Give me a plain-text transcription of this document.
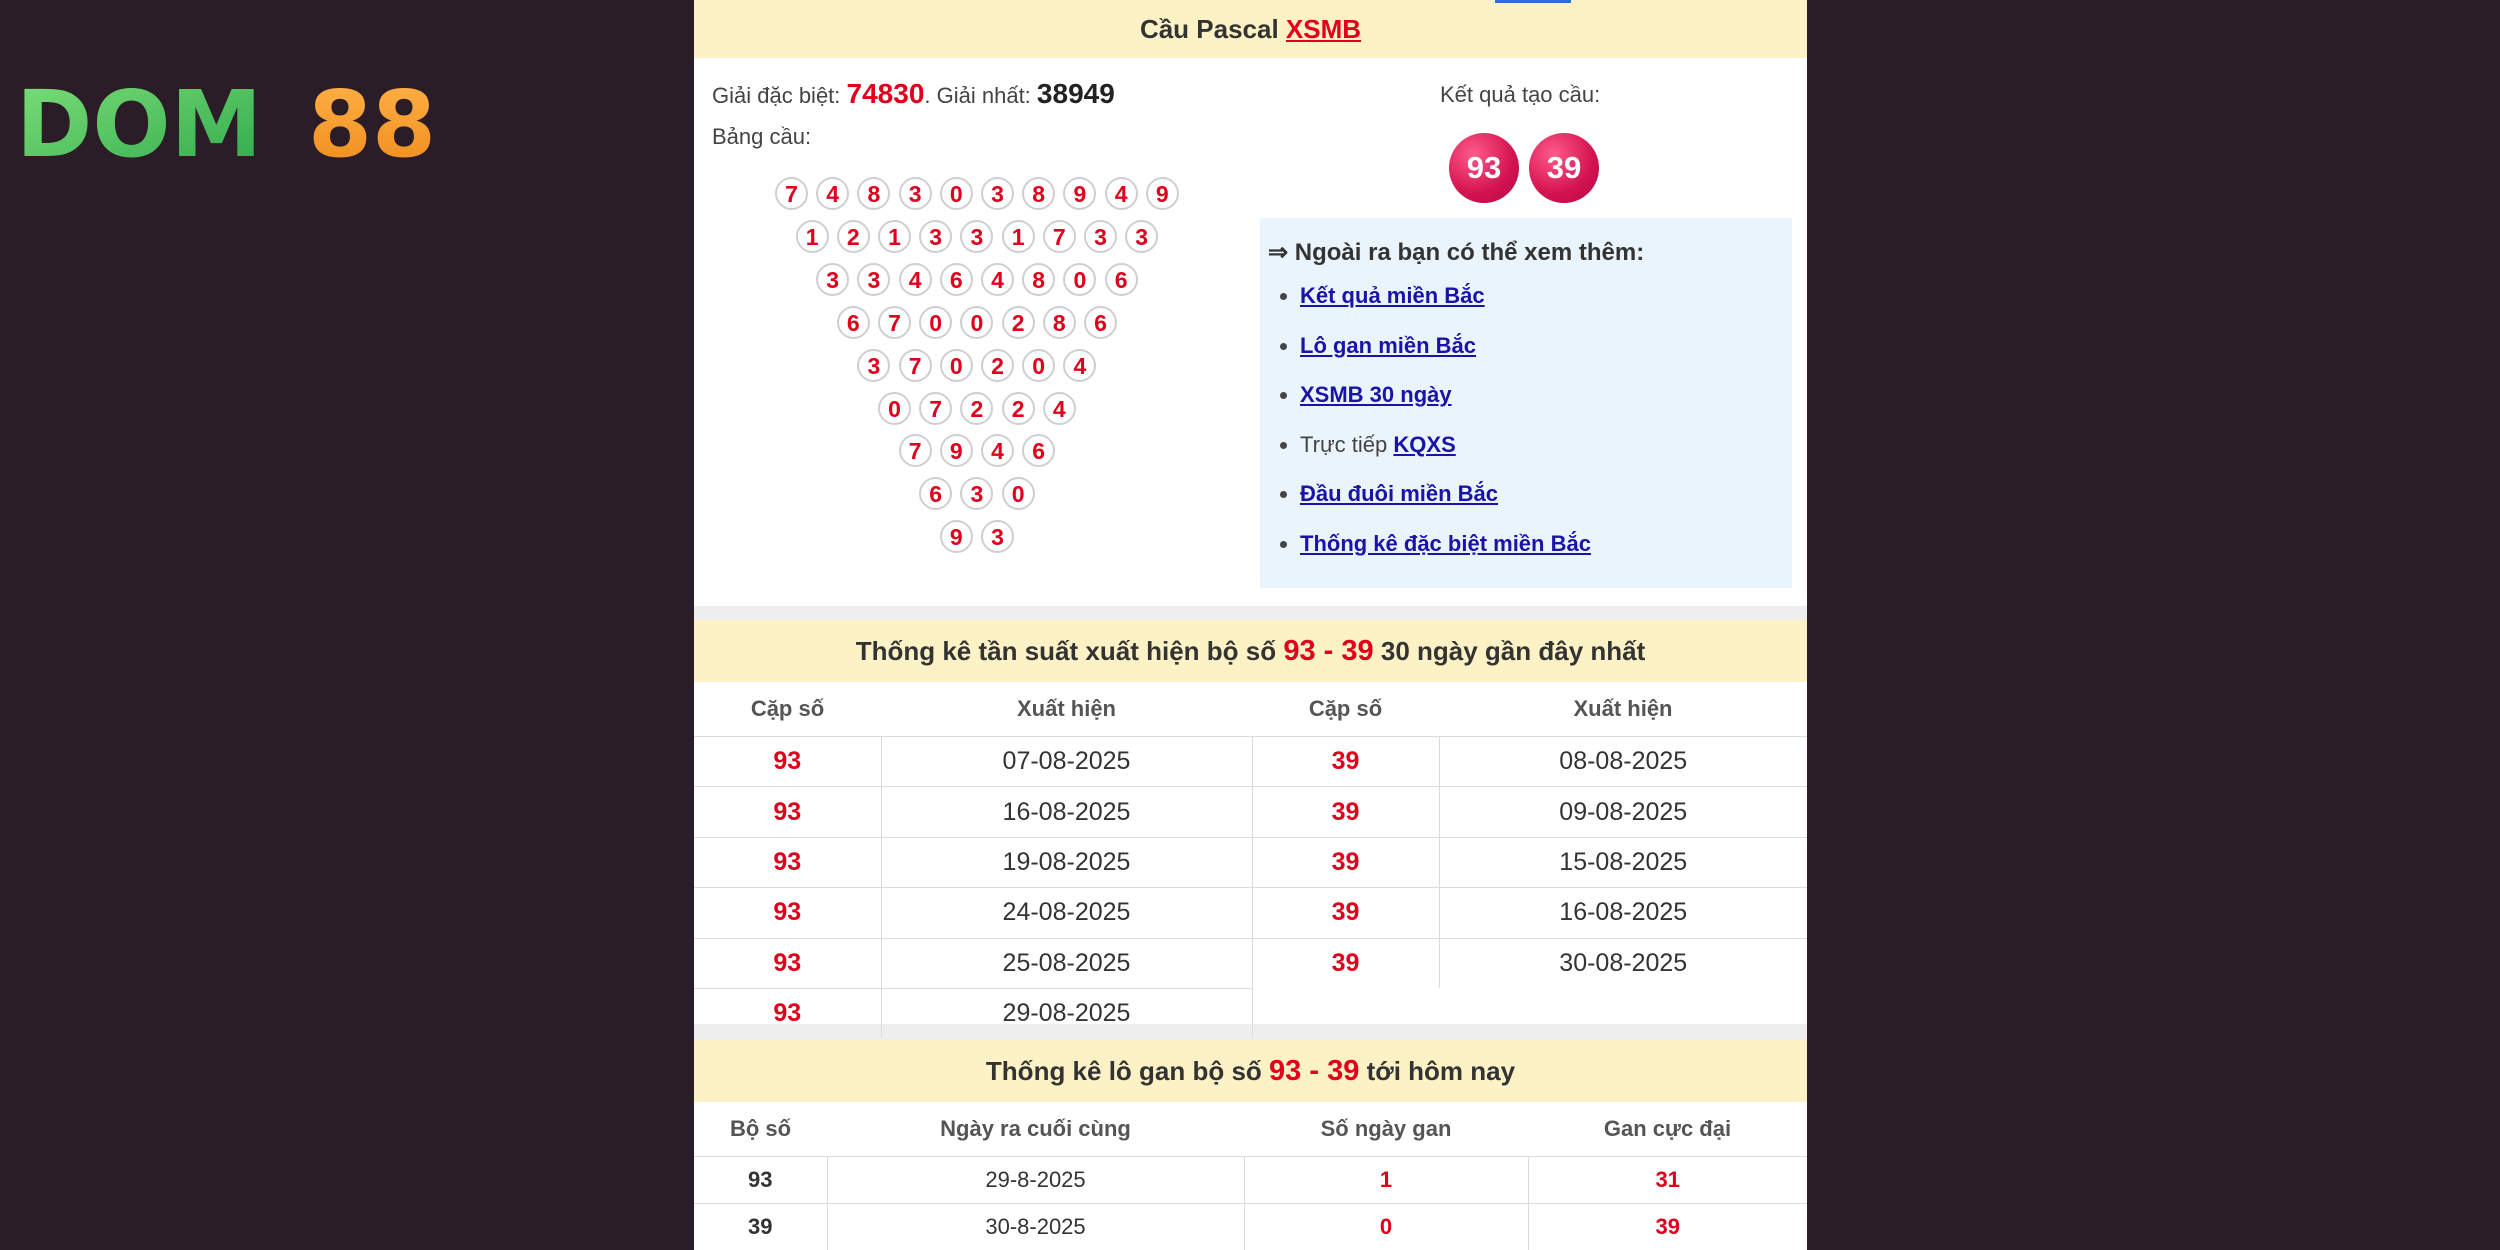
DOM 88
Cầu Pascal XSMB
Giải đặc biệt: 74830. Giải nhất: 38949
Bảng cầu:
7	4	8	3	0	3	8	9	4	9
1	2	1	3	3	1	7	3	3
3	3	4	6	4	8	0	6
6	7	0	0	2	8	6
3	7	0	2	0	4
0	7	2	2	4
7	9	4	6
6	3	0
9	3
Kết quả tạo cầu:
93	39
⇒ Ngoài ra bạn có thể xem thêm:
• Kết quả miền Bắc
• Lô gan miền Bắc
• XSMB 30 ngày
• Trực tiếp KQXS
• Đầu đuôi miền Bắc
• Thống kê đặc biệt miền Bắc
Thống kê tần suất xuất hiện bộ số 93 - 39 30 ngày gần đây nhất
Cặp số	Xuất hiện	Cặp số	Xuất hiện
93	07-08-2025	39	08-08-2025
93	16-08-2025	39	09-08-2025
93	19-08-2025	39	15-08-2025
93	24-08-2025	39	16-08-2025
93	25-08-2025	39	30-08-2025
93	29-08-2025		
Thống kê lô gan bộ số 93 - 39 tới hôm nay
Bộ số	Ngày ra cuối cùng	Số ngày gan	Gan cực đại
93	29-8-2025	1	31
39	30-8-2025	0	39
